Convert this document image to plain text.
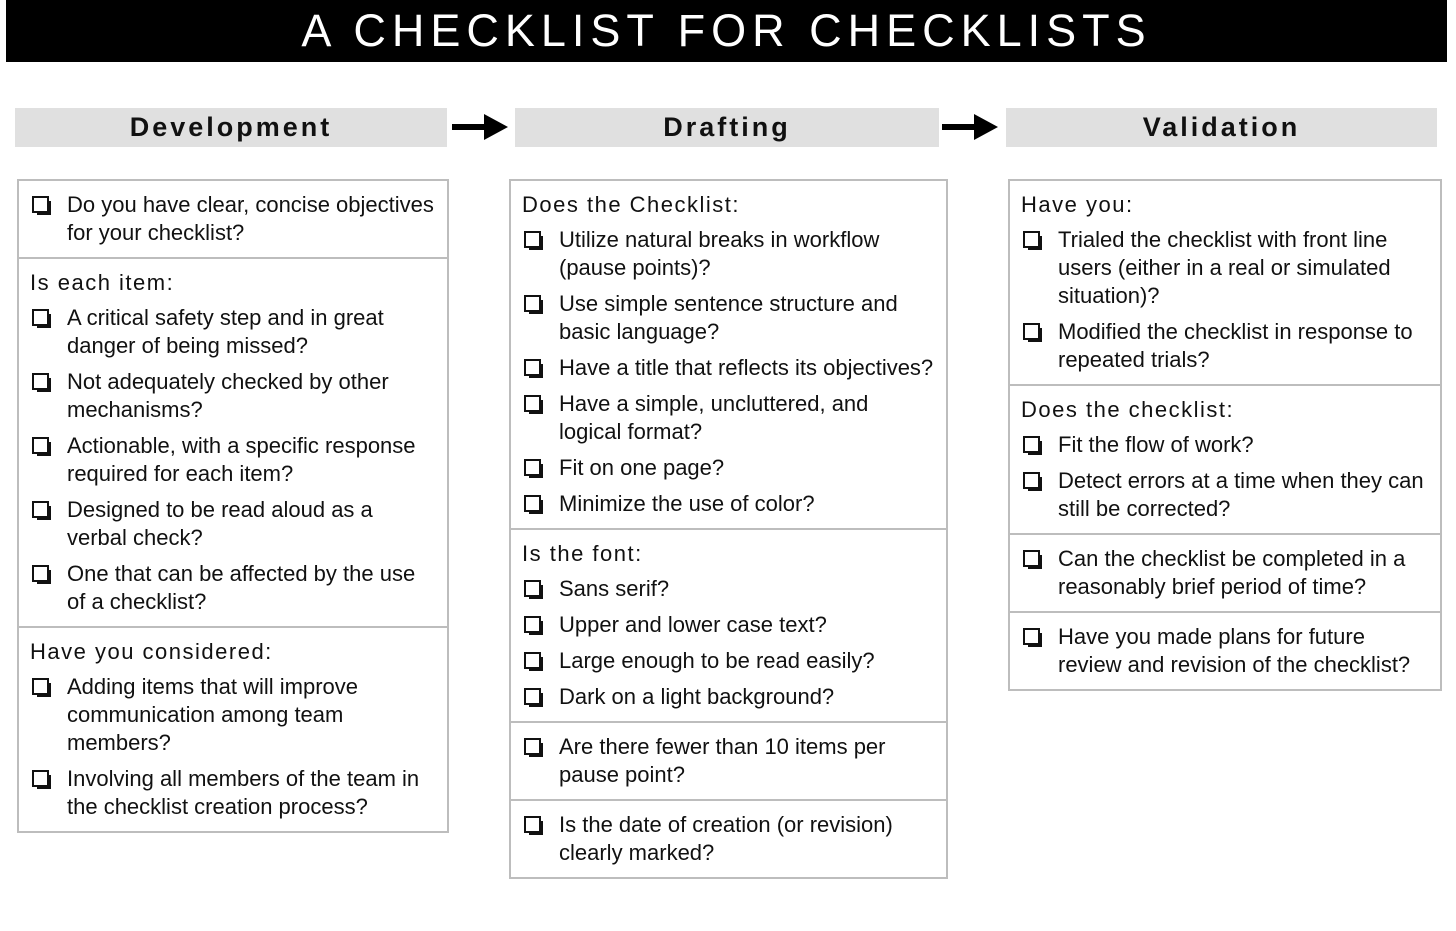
A CHECKLIST FOR CHECKLISTS
Development	Drafting	Validation
Do you have clear, concise objectives for your checklist?
Is each item:
A critical safety step and in great danger of being missed?
Not adequately checked by other mechanisms?
Actionable, with a specific response required for each item?
Designed to be read aloud as a verbal check?
One that can be affected by the use of a checklist?
Have you considered:
Adding items that will improve communication among team members?
Involving all members of the team in the checklist creation process?
Does the Checklist:
Utilize natural breaks in workflow (pause points)?
Use simple sentence structure and basic language?
Have a title that reflects its objectives?
Have a simple, uncluttered, and logical format?
Fit on one page?
Minimize the use of color?
Is the font:
Sans serif?
Upper and lower case text?
Large enough to be read easily?
Dark on a light background?
Are there fewer than 10 items per pause point?
Is the date of creation (or revision) clearly marked?
Have you:
Trialed the checklist with front line users (either in a real or simulated situation)?
Modified the checklist in response to repeated trials?
Does the checklist:
Fit the flow of work?
Detect errors at a time when they can still be corrected?
Can the checklist be completed in a reasonably brief period of time?
Have you made plans for future review and revision of the checklist?
